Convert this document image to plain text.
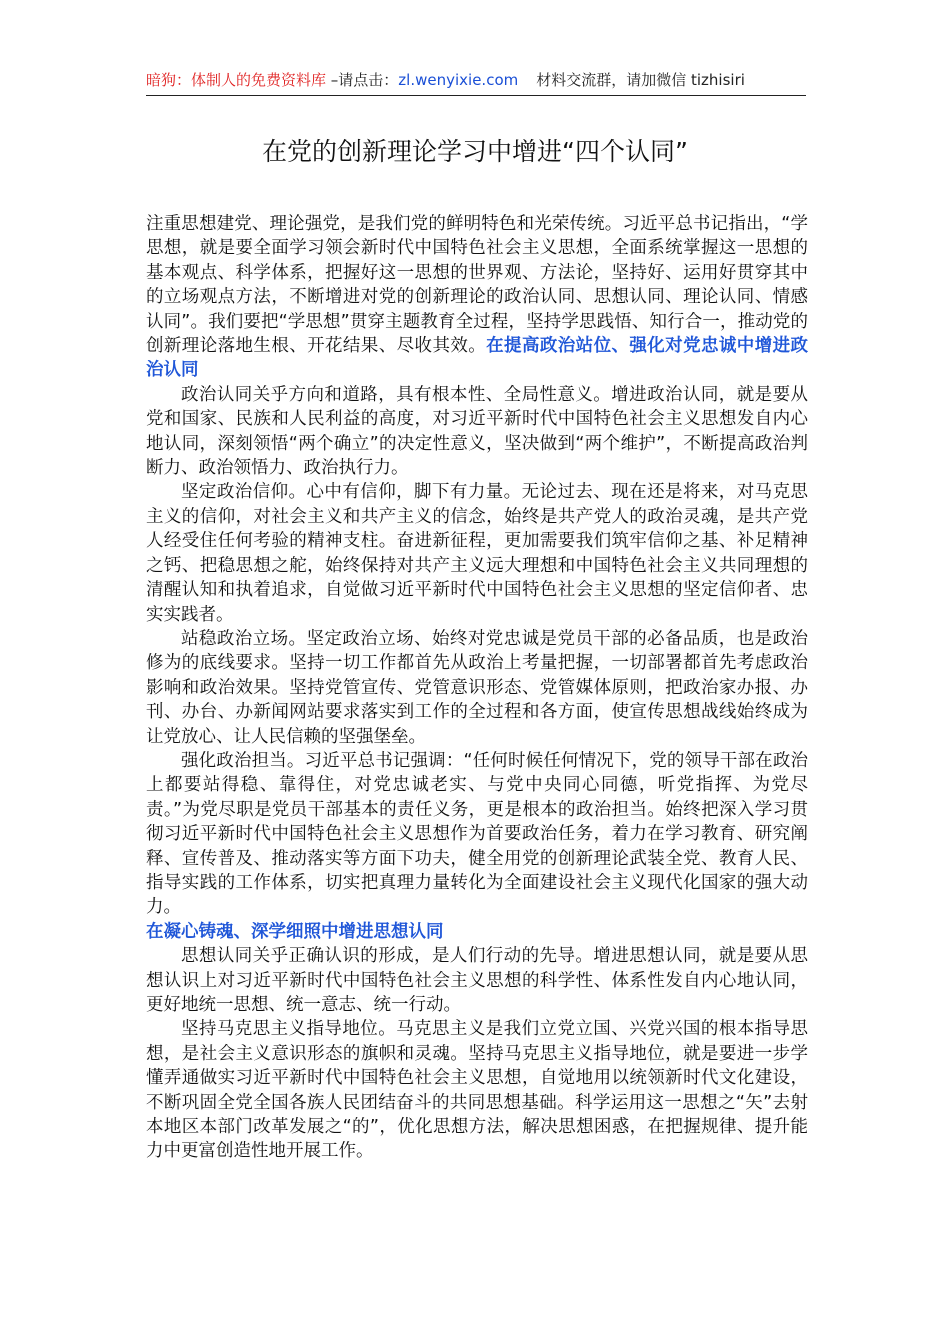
暗狗：体制人的免费资料库 –请点击：zl.wenyixie.com 材料交流群，请加微信 tizhisiri
在党的创新理论学习中增进“四个认同”

注重思想建党、理论强党，是我们党的鲜明特色和光荣传统。习近平总书记指出，“学思想，就是要全面学习领会新时代中国特色社会主义思想，全面系统掌握这一思想的基本观点、科学体系，把握好这一思想的世界观、方法论，坚持好、运用好贯穿其中的立场观点方法，不断增进对党的创新理论的政治认同、思想认同、理论认同、情感认同”。我们要把“学思想”贯穿主题教育全过程，坚持学思践悟、知行合一，推动党的创新理论落地生根、开花结果、尽收其效。在提高政治站位、强化对党忠诚中增进政治认同

政治认同关乎方向和道路，具有根本性、全局性意义。增进政治认同，就是要从党和国家、民族和人民利益的高度，对习近平新时代中国特色社会主义思想发自内心地认同，深刻领悟“两个确立”的决定性意义，坚决做到“两个维护”，不断提高政治判断力、政治领悟力、政治执行力。

坚定政治信仰。心中有信仰，脚下有力量。无论过去、现在还是将来，对马克思主义的信仰，对社会主义和共产主义的信念，始终是共产党人的政治灵魂，是共产党人经受住任何考验的精神支柱。奋进新征程，更加需要我们筑牢信仰之基、补足精神之钙、把稳思想之舵，始终保持对共产主义远大理想和中国特色社会主义共同理想的清醒认知和执着追求，自觉做习近平新时代中国特色社会主义思想的坚定信仰者、忠实实践者。

站稳政治立场。坚定政治立场、始终对党忠诚是党员干部的必备品质，也是政治修为的底线要求。坚持一切工作都首先从政治上考量把握，一切部署都首先考虑政治影响和政治效果。坚持党管宣传、党管意识形态、党管媒体原则，把政治家办报、办刊、办台、办新闻网站要求落实到工作的全过程和各方面，使宣传思想战线始终成为让党放心、让人民信赖的坚强堡垒。

强化政治担当。习近平总书记强调：“任何时候任何情况下，党的领导干部在政治上都要站得稳、靠得住，对党忠诚老实、与党中央同心同德，听党指挥、为党尽责。”为党尽职是党员干部基本的责任义务，更是根本的政治担当。始终把深入学习贯彻习近平新时代中国特色社会主义思想作为首要政治任务，着力在学习教育、研究阐释、宣传普及、推动落实等方面下功夫，健全用党的创新理论武装全党、教育人民、指导实践的工作体系，切实把真理力量转化为全面建设社会主义现代化国家的强大动力。

在凝心铸魂、深学细照中增进思想认同

思想认同关乎正确认识的形成，是人们行动的先导。增进思想认同，就是要从思想认识上对习近平新时代中国特色社会主义思想的科学性、体系性发自内心地认同，更好地统一思想、统一意志、统一行动。

坚持马克思主义指导地位。马克思主义是我们立党立国、兴党兴国的根本指导思想，是社会主义意识形态的旗帜和灵魂。坚持马克思主义指导地位，就是要进一步学懂弄通做实习近平新时代中国特色社会主义思想，自觉地用以统领新时代文化建设，不断巩固全党全国各族人民团结奋斗的共同思想基础。科学运用这一思想之“矢”去射本地区本部门改革发展之“的”，优化思想方法，解决思想困惑，在把握规律、提升能力中更富创造性地开展工作。
